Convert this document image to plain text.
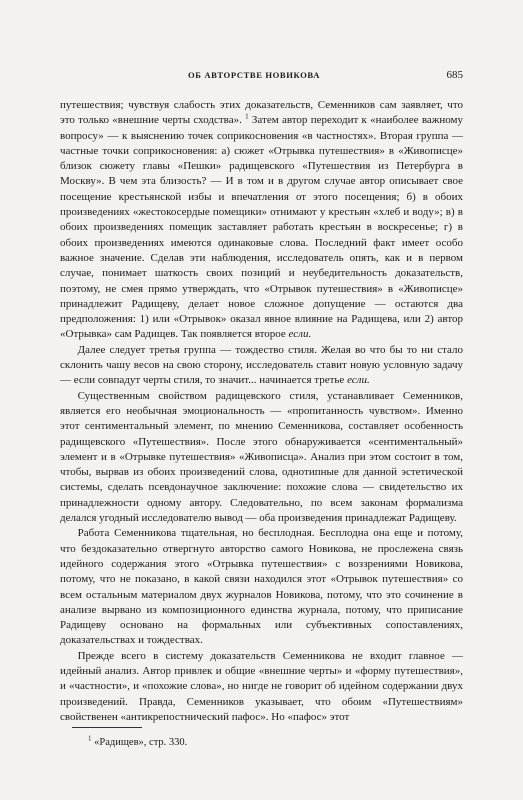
ОБ АВТОРСТВЕ НОВИКОВА	685

путешествия; чувствуя слабость этих доказательств, Семенников сам заявляет, что это только «внешние черты сходства». $^1$ Затем автор переходит к «наиболее важному вопросу» — к выяснению точек соприкосновения «в частностях». Вторая группа — частные точки соприкосновения: а) сюжет «Отрывка путешествия» в «Живописце» близок сюжету главы «Пешки» радищевского «Путешествия из Петербурга в Москву». В чем эта близость? — И в том и в другом случае автор описывает свое посещение крестьянской избы и впечатления от этого посещения; б) в обоих произведениях «жестокосердые помещики» отнимают у крестьян «хлеб и воду»; в) в обоих произведениях помещик заставляет работать крестьян в воскресенье; г) в обоих произведениях имеются одинаковые слова. Последний факт имеет особо важное значение. Сделав эти наблюдения, исследователь опять, как и в первом случае, понимает шаткость своих позиций и неубедительность доказательств, поэтому, не смея прямо утверждать, что «Отрывок путешествия» в «Живописце» принадлежит Радищеву, делает новое сложное допущение — остаются два предположения: 1) или «Отрывок» оказал явное влияние на Радищева, или 2) автор «Отрывка» сам Радищев. Так появляется второе если.

Далее следует третья группа — тождество стиля. Желая во что бы то ни стало склонить чашу весов на свою сторону, исследователь ставит новую условную задачу — если совпадут черты стиля, то значит... начинается третье если.

Существенным свойством радищевского стиля, устанавливает Семенников, является его необычная эмоциональность — «пропитанность чувством». Именно этот сентиментальный элемент, по мнению Семенникова, составляет особенность радищевского «Путешествия». После этого обнаруживается «сентиментальный» элемент и в «Отрывке путешествия» «Живописца». Анализ при этом состоит в том, чтобы, вырвав из обоих произведений слова, однотипные для данной эстетической системы, сделать псевдонаучное заключение: похожие слова — свидетельство их принадлежности одному автору. Следовательно, по всем законам формализма делался угодный исследователю вывод — оба произведения принадлежат Радищеву.

Работа Семенникова тщательная, но бесплодная. Бесплодна она еще и потому, что бездоказательно отвергнуто авторство самого Новикова, не прослежена связь идейного содержания этого «Отрывка путешествия» с воззрениями Новикова, потому, что не показано, в какой связи находился этот «Отрывок путешествия» со всем остальным материалом двух журналов Новикова, потому, что это сочинение в анализе вырвано из композиционного единства журнала, потому, что приписание Радищеву основано на формальных или субъективных сопоставлениях, доказательствах и тождествах.

Прежде всего в систему доказательств Семенникова не входит главное — идейный анализ. Автор привлек и общие «внешние черты» и «форму путешествия», и «частности», и «похожие слова», но нигде не говорит об идейном содержании двух произведений. Правда, Семенников указывает, что обоим «Путешествиям» свойственен «антикрепостнический пафос». Но «пафос» этот

$^1$ «Радищев», стр. 330.
